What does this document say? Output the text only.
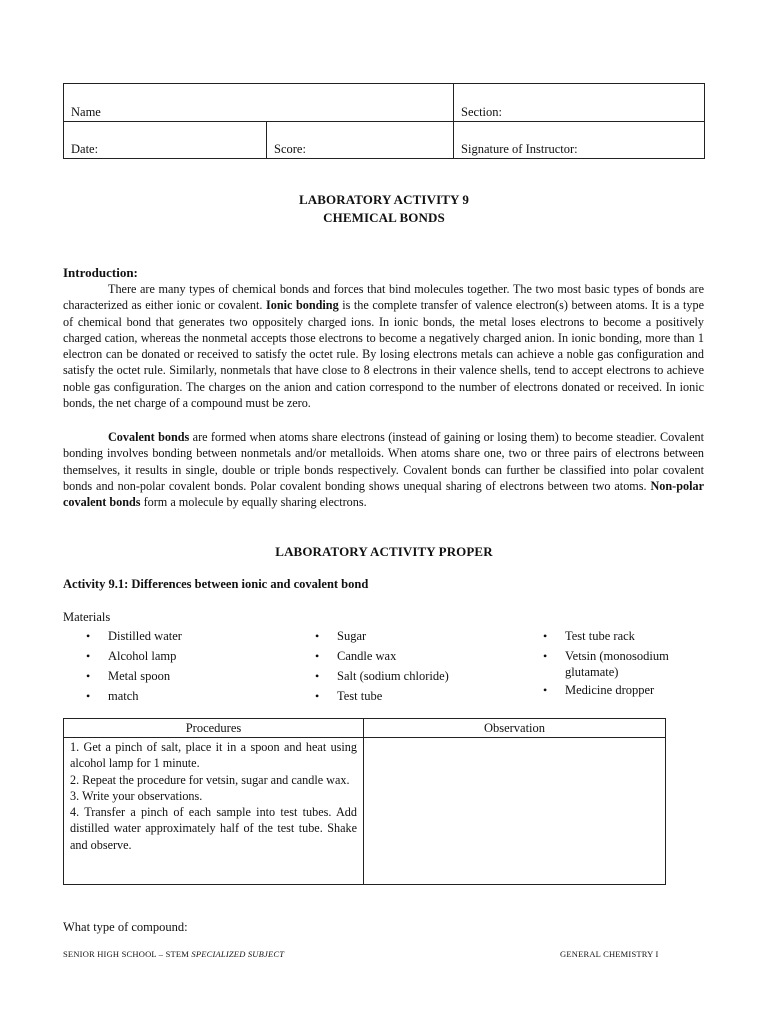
Name		Section:
Date:	Score:	Signature of Instructor:
LABORATORY ACTIVITY 9
CHEMICAL BONDS
Introduction:
There are many types of chemical bonds and forces that bind molecules together. The two most basic types of bonds are characterized as either ionic or covalent. Ionic bonding is the complete transfer of valence electron(s) between atoms. It is a type of chemical bond that generates two oppositely charged ions. In ionic bonds, the metal loses electrons to become a positively charged cation, whereas the nonmetal accepts those electrons to become a negatively charged anion. In ionic bonding, more than 1 electron can be donated or received to satisfy the octet rule. By losing electrons metals can achieve a noble gas configuration and satisfy the octet rule. Similarly, nonmetals that have close to 8 electrons in their valence shells, tend to accept electrons to achieve noble gas configuration. The charges on the anion and cation correspond to the number of electrons donated or received. In ionic bonds, the net charge of a compound must be zero.
Covalent bonds are formed when atoms share electrons (instead of gaining or losing them) to become steadier. Covalent bonding involves bonding between nonmetals and/or metalloids. When atoms share one, two or three pairs of electrons between themselves, it results in single, double or triple bonds respectively. Covalent bonds can further be classified into polar covalent bonds and non-polar covalent bonds. Polar covalent bonding shows unequal sharing of electrons between two atoms. Non-polar covalent bonds form a molecule by equally sharing electrons.
LABORATORY ACTIVITY PROPER
Activity 9.1: Differences between ionic and covalent bond
Materials
• Distilled water
• Alcohol lamp
• Metal spoon
• match
• Sugar
• Candle wax
• Salt (sodium chloride)
• Test tube
• Test tube rack
• Vetsin (monosodium glutamate)
• Medicine dropper
Procedures	Observation

1. Get a pinch of salt, place it in a spoon and heat using alcohol lamp for 1 minute.
2. Repeat the procedure for vetsin, sugar and candle wax.
3. Write your observations.
4. Transfer a pinch of each sample into test tubes. Add distilled water approximately half of the test tube. Shake and observe.	

What type of compound:
SENIOR HIGH SCHOOL – STEM SPECIALIZED SUBJECT	GENERAL CHEMISTRY I
